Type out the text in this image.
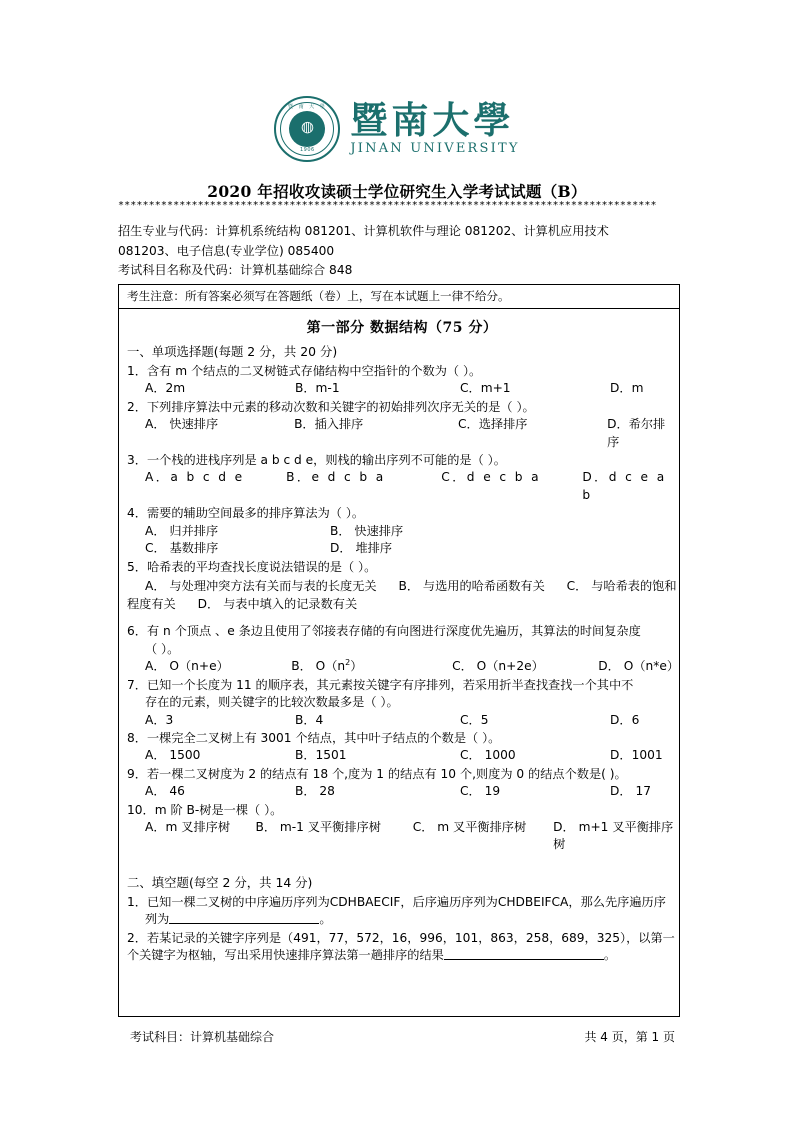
暨 南 大 學
◍
1906
暨南大學
JINAN UNIVERSITY
2020 年招收攻读硕士学位研究生入学考试试题（B）
****************************************************************************************
招生专业与代码：计算机系统结构 081201、计算机软件与理论 081202、计算机应用技术
081203、电子信息(专业学位) 085400
考试科目名称及代码：计算机基础综合 848
考生注意：所有答案必须写在答题纸（卷）上，写在本试题上一律不给分。
第一部分 数据结构（75 分）
一、单项选择题(每题 2 分，共 20 分)
1．含有 m 个结点的二叉树链式存储结构中空指针的个数为（ ）。
A．2m	B．m-1	C．m+1	D．m
2．下列排序算法中元素的移动次数和关键字的初始排列次序无关的是（ ）。
A． 快速排序	B．插入排序	C．选择排序	D．希尔排序
3．一个栈的进栈序列是 a b c d e，则栈的输出序列不可能的是（ ）。
A．a b c d e	B．e d c b a	C．d e c b a	D．d c e a b
4．需要的辅助空间最多的排序算法为（ ）。
A． 归并排序	B． 快速排序
C． 基数排序	D． 堆排序
5．哈希表的平均查找长度说法错误的是（ ）。
A． 与处理冲突方法有关而与表的长度无关 B． 与选用的哈希函数有关 C． 与哈希表的饱和程度有关 D． 与表中填入的记录数有关
6．有 n 个顶点 、e 条边且使用了邻接表存储的有向图进行深度优先遍历，其算法的时间复杂度
（ ）。
A． O（n+e）	B． $O(n^2)$	C． O（n+2e）	D． O（n*e）
7．已知一个长度为 11 的顺序表，其元素按关键字有序排列，若采用折半查找查找一个其中不
存在的元素，则关键字的比较次数最多是（ ）。
A．3	B．4	C．5	D．6
8．一棵完全二叉树上有 3001 个结点，其中叶子结点的个数是（ ）。
A． 1500	B．1501	C． 1000	D．1001
9．若一棵二叉树度为 2 的结点有 18 个,度为 1 的结点有 10 个,则度为 0 的结点个数是( )。
A． 46	B． 28	C． 19	D． 17
10．m 阶 B-树是一棵（ ）。
A．m 叉排序树	B． m-1 叉平衡排序树	C． m 叉平衡排序树	D． m+1 叉平衡排序树
二、填空题(每空 2 分，共 14 分)
1．已知一棵二叉树的中序遍历序列为CDHBAECIF，后序遍历序列为CHDBEIFCA，那么先序遍历序
列为	。
2．若某记录的关键字序列是（491，77，572，16，996，101，863，258，689，325），以第一
个关键字为枢轴，写出采用快速排序算法第一趟排序的结果	。
考试科目：计算机基础综合	共 4 页，第 1 页
